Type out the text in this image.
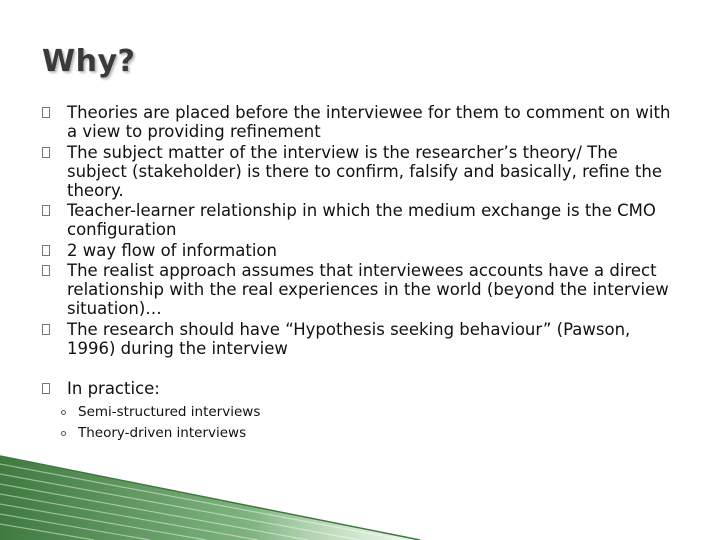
Why?
Theories are placed before the interviewee for them to comment on with a view to providing refinement
The subject matter of the interview is the researcher’s theory/ The subject (stakeholder) is there to confirm, falsify and basically, refine the theory.
Teacher-learner relationship in which the medium exchange is the CMO configuration
2 way flow of information
The realist approach assumes that interviewees accounts have a direct relationship with the real experiences in the world (beyond the interview situation)…
The research should have “Hypothesis seeking behaviour” (Pawson, 1996) during the interview
In practice:
Semi-structured interviews
Theory-driven interviews
